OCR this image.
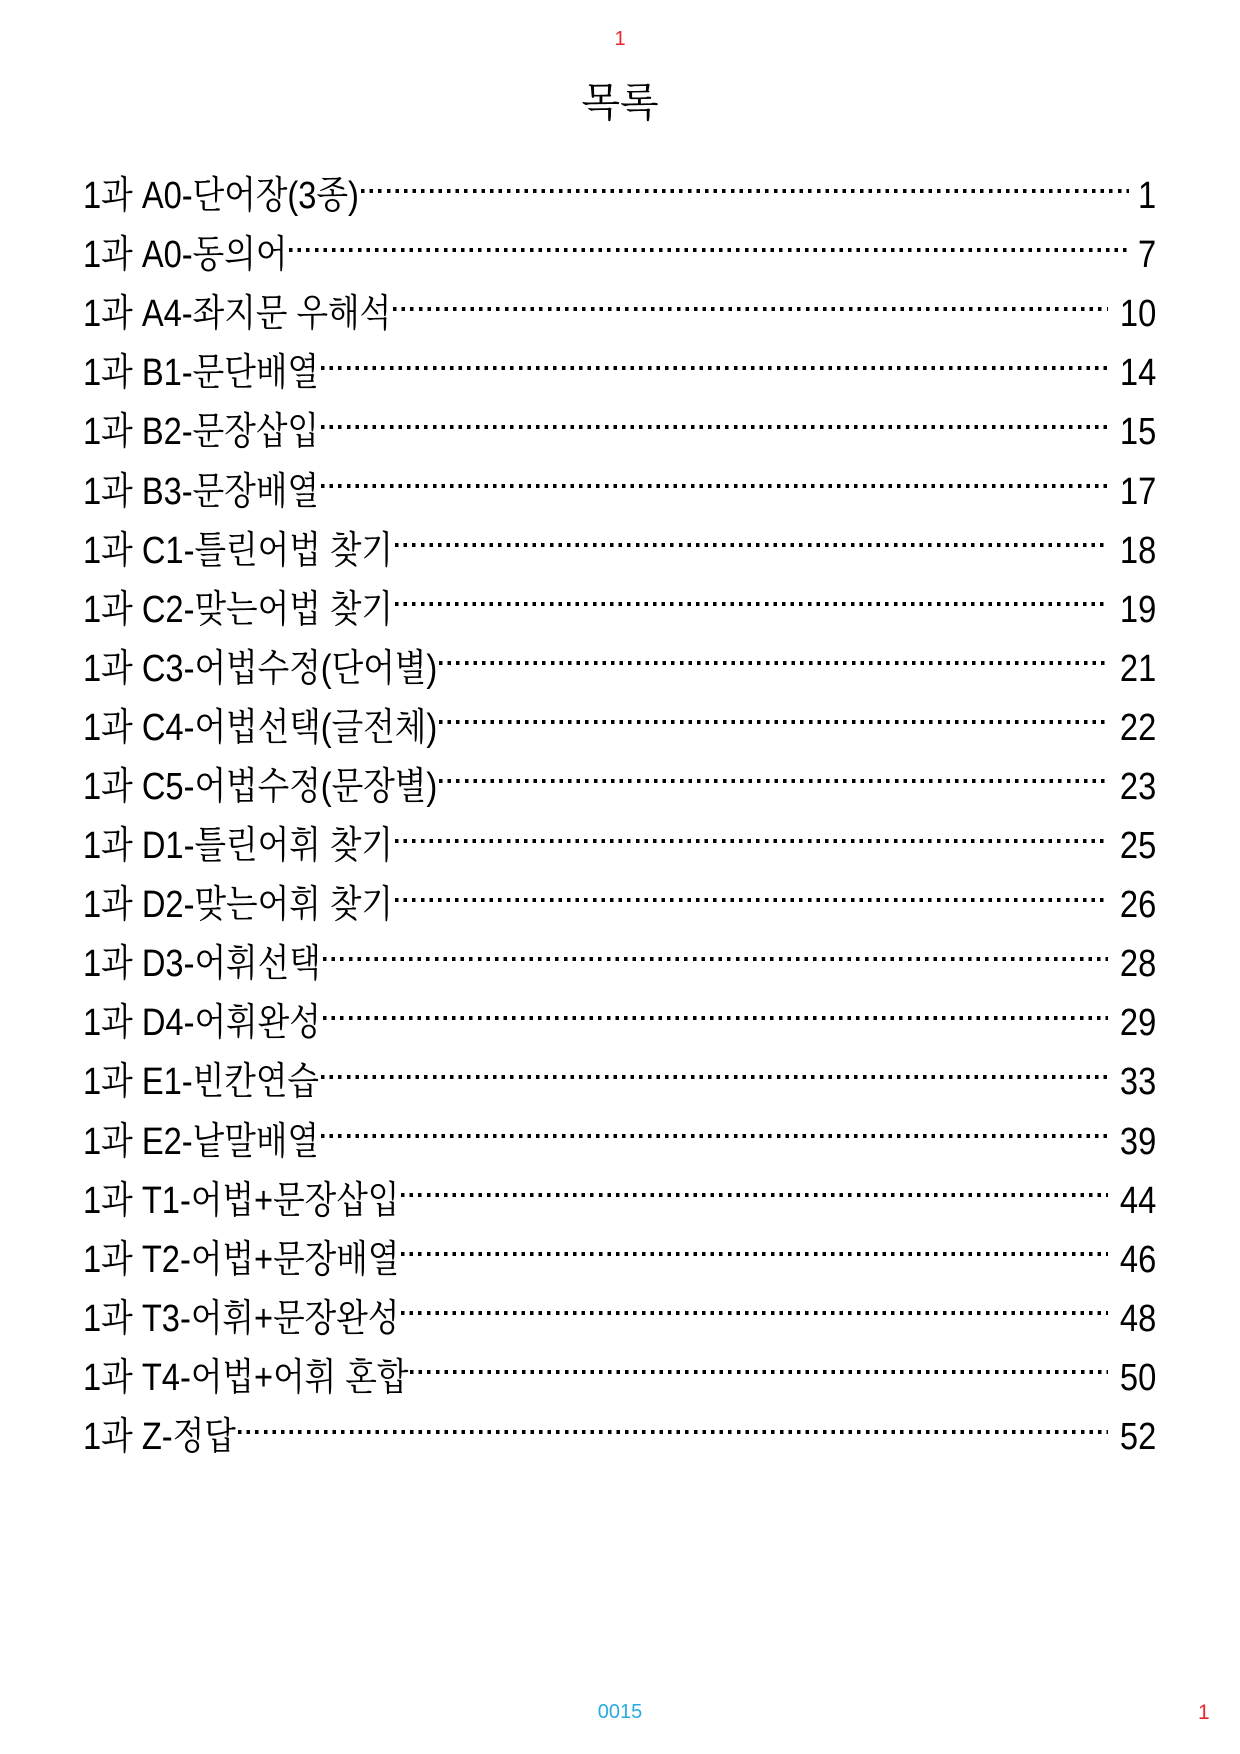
1
목록
1과 A0-단어장(3종)	1
1과 A0-동의어	7
1과 A4-좌지문 우해석	10
1과 B1-문단배열	14
1과 B2-문장삽입	15
1과 B3-문장배열	17
1과 C1-틀린어법 찾기	18
1과 C2-맞는어법 찾기	19
1과 C3-어법수정(단어별)	21
1과 C4-어법선택(글전체)	22
1과 C5-어법수정(문장별)	23
1과 D1-틀린어휘 찾기	25
1과 D2-맞는어휘 찾기	26
1과 D3-어휘선택	28
1과 D4-어휘완성	29
1과 E1-빈칸연습	33
1과 E2-낱말배열	39
1과 T1-어법+문장삽입	44
1과 T2-어법+문장배열	46
1과 T3-어휘+문장완성	48
1과 T4-어법+어휘 혼합	50
1과 Z-정답	52
0015	1
